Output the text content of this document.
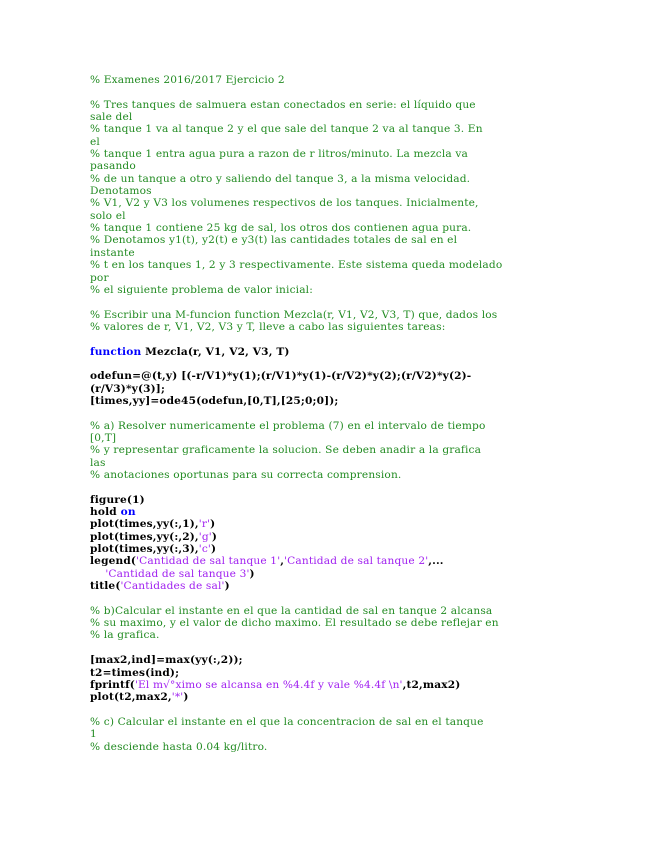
% Examenes 2016/2017 Ejercicio 2
% Tres tanques de salmuera estan conectados en serie: el líquido que
sale del
% tanque 1 va al tanque 2 y el que sale del tanque 2 va al tanque 3. En
el
% tanque 1 entra agua pura a razon de r litros/minuto. La mezcla va
pasando
% de un tanque a otro y saliendo del tanque 3, a la misma velocidad.
Denotamos
% V1, V2 y V3 los volumenes respectivos de los tanques. Inicialmente,
solo el
% tanque 1 contiene 25 kg de sal, los otros dos contienen agua pura.
% Denotamos y1(t), y2(t) e y3(t) las cantidades totales de sal en el
instante
% t en los tanques 1, 2 y 3 respectivamente. Este sistema queda modelado
por
% el siguiente problema de valor inicial:
% Escribir una M-funcion function Mezcla(r, V1, V2, V3, T) que, dados los
% valores de r, V1, V2, V3 y T, lleve a cabo las siguientes tareas:
function Mezcla(r, V1, V2, V3, T)
odefun=@(t,y) [(-r/V1)*y(1);(r/V1)*y(1)-(r/V2)*y(2);(r/V2)*y(2)-
(r/V3)*y(3)];
[times,yy]=ode45(odefun,[0,T],[25;0;0]);
% a) Resolver numericamente el problema (7) en el intervalo de tiempo
[0,T]
% y representar graficamente la solucion. Se deben anadir a la grafica
las
% anotaciones oportunas para su correcta comprension.
figure(1)
hold on
plot(times,yy(:,1),'r')
plot(times,yy(:,2),'g')
plot(times,yy(:,3),'c')
legend('Cantidad de sal tanque 1','Cantidad de sal tanque 2',...
'Cantidad de sal tanque 3')
title('Cantidades de sal')
% b)Calcular el instante en el que la cantidad de sal en tanque 2 alcansa
% su maximo, y el valor de dicho maximo. El resultado se debe reflejar en
% la grafica.
[max2,ind]=max(yy(:,2));
t2=times(ind);
fprintf('El m√°ximo se alcansa en %4.4f y vale %4.4f \n',t2,max2)
plot(t2,max2,'*')
% c) Calcular el instante en el que la concentracion de sal en el tanque
1
% desciende hasta 0.04 kg/litro.
